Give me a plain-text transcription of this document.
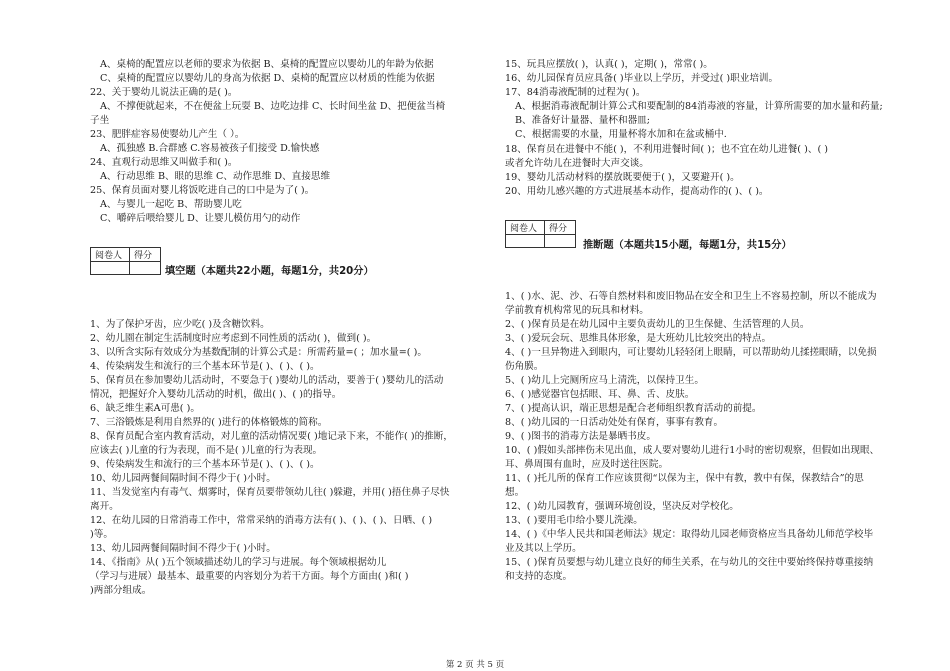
A、桌椅的配置应以老师的要求为依据 B、桌椅的配置应以婴幼儿的年龄为依据
C、桌椅的配置应以婴幼儿的身高为依据 D、桌椅的配置应以材质的性能为依据
22、关于婴幼儿说法正确的是( )。
A、不撑便就起来，不在便盆上玩耍 B、边吃边排 C、长时间坐盆 D、把便盆当椅
子坐
23、肥胖症容易使婴幼儿产生（ ）。
A、孤独感 B.合群感 C.容易被孩子们接受 D.愉快感
24、直观行动思维又叫做手和( )。
A、行动思维 B、眼的思维 C、动作思维 D、直接思维
25、保育员面对婴儿将饭吃进自己的口中是为了( )。
A、与婴儿一起吃 B、帮助婴儿吃
C、嚼碎后喂给婴儿 D、让婴儿模仿用勺的动作
阅卷人	得分

填空题（本题共22小题，每题1分，共20分）
1、为了保护牙齿，应少吃( )及含糖饮料。
2、幼儿園在制定生活制度时应考虑到不同性质的活动( )，做到( )。
3、以所含实际有效成分为基数配制的计算公式是：所需药量=( ；加水量=( )。
4、传染病发生和流行的三个基本环节是( )、( )、( )。
5、保育员在参加婴幼儿活动时，不要急于( )婴幼儿的活动，要善于( )婴幼儿的活动
情况，把握好介入婴幼儿活动的时机，做出( )、( )的指导。
6、缺乏维生素A可患( )。
7、三浴锻炼是利用自然界的( )进行的体格锻炼的简称。
8、保育员配合室内教育活动，对儿童的活动情况要( )地记录下来，不能作( )的推断，
应该去( )儿童的行为表现，而不是( )儿童的行为表现。
9、传染病发生和流行的三个基本环节是( )、( )、( )。
10、幼儿园两餐间隔时间不得少于( )小时。
11、当发觉室内有毒气、烟雾时，保育员要带领幼儿往( )躲避，并用( )捂住鼻子尽快
离开。
12、在幼儿园的日常消毒工作中，常常采纳的消毒方法有( )、( )、( )、日晒、( )
)等。
13、幼儿园两餐间隔时间不得少于( )小时。
14、《指南》从( )五个领域描述幼儿的学习与进展。每个领域根据幼儿
（学习与进展）最基本、最重要的内容划分为若干方面。每个方面由( )和( )
)两部分组成。
15、玩具应摆放( )，认真( )，定期( )，常常( )。
16、幼儿园保育员应具备( )毕业以上学历，并受过( )职业培训。
17、84消毒液配制的过程为( )。
A、根据消毒液配制计算公式和要配制的84消毒液的容量，计算所需要的加水量和药量;
B、准备好计量器、量杯和器皿;
C、根据需要的水量，用量杯将水加和在盆或桶中.
18、保育员在进餐中不能( )，不利用进餐时间( )；也不宜在幼儿进餐( )、( )
或者允许幼儿在进餐时大声交谈。
19、婴幼儿活动材料的摆放既要便于( )，又要避开( )。
20、用幼儿感兴趣的方式进展基本动作，提高动作的( )、( )。
阅卷人	得分

推断题（本题共15小题，每题1分，共15分）
1、( )水、泥、沙、石等自然材料和废旧物品在安全和卫生上不容易控制，所以不能成为
学前教育机构常见的玩具和材料。
2、( )保育员是在幼儿园中主要负责幼儿的卫生保健、生活管理的人员。
3、( )爱玩会玩、思维具体形象，是大班幼儿比较突出的特点。
4、( )一旦异物进入到眼内，可让婴幼儿轻轻闭上眼睛，可以帮助幼儿揉搓眼睛，以免损
伤角膜。
5、( )幼儿上完厕所应马上清洗，以保持卫生。
6、( )感觉器官包括眼、耳、鼻、舌、皮肤。
7、( )提高认识，端正思想是配合老师组织教育活动的前提。
8、( )幼儿园的一日活动处处有保育，事事有教育。
9、( )图书的消毒方法是暴晒书皮。
10、( )假如头部摔伤未见出血，成人要对婴幼儿进行1小时的密切观察，但假如出现眼、
耳、鼻周围有血时，应及时送往医院。
11、( )托儿所的保育工作应该贯彻“以保为主，保中有教，教中有保，保教结合”的思
想。
12、( )幼儿园教育，强调环境创设，坚决反对学校化。
13、( )要用毛巾给小婴儿洗澡。
14、( )《中华人民共和国老师法》规定：取得幼儿园老师资格应当具备幼儿师范学校毕
业及其以上学历。
15、( )保育员要想与幼儿建立良好的师生关系，在与幼儿的交往中要始终保持尊重接纳
和支持的态度。
第 2 页 共 5 页
